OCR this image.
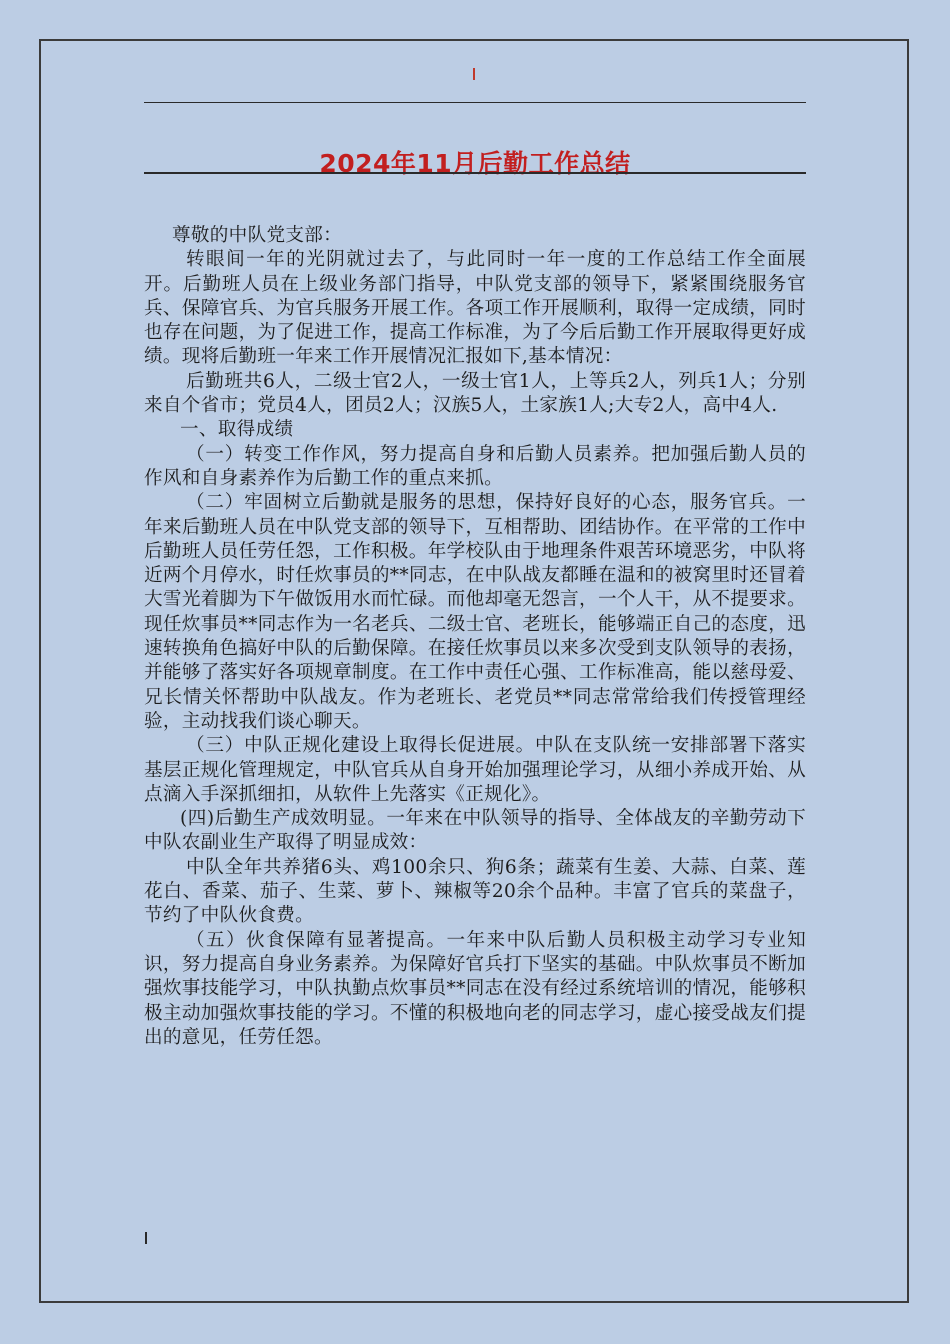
2024年11月后勤工作总结

尊敬的中队党支部：

转眼间一年的光阴就过去了，与此同时一年一度的工作总结工作全面展开。后勤班人员在上级业务部门指导，中队党支部的领导下，紧紧围绕服务官兵、保障官兵、为官兵服务开展工作。各项工作开展顺利，取得一定成绩，同时也存在问题，为了促进工作，提高工作标准，为了今后后勤工作开展取得更好成绩。现将后勤班一年来工作开展情况汇报如下,基本情况：

后勤班共6人，二级士官2人，一级士官1人，上等兵2人，列兵1人；分别来自个省市；党员4人，团员2人；汉族5人，土家族1人;大专2人，高中4人.

一、取得成绩

（一）转变工作作风，努力提高自身和后勤人员素养。把加强后勤人员的作风和自身素养作为后勤工作的重点来抓。

（二）牢固树立后勤就是服务的思想，保持好良好的心态，服务官兵。一年来后勤班人员在中队党支部的领导下，互相帮助、团结协作。在平常的工作中后勤班人员任劳任怨，工作积极。年学校队由于地理条件艰苦环境恶劣，中队将近两个月停水，时任炊事员的**同志，在中队战友都睡在温和的被窝里时还冒着大雪光着脚为下午做饭用水而忙碌。而他却毫无怨言，一个人干，从不提要求。现任炊事员**同志作为一名老兵、二级士官、老班长，能够端正自己的态度，迅速转换角色搞好中队的后勤保障。在接任炊事员以来多次受到支队领导的表扬，并能够了落实好各项规章制度。在工作中责任心强、工作标准高，能以慈母爱、兄长情关怀帮助中队战友。作为老班长、老党员**同志常常给我们传授管理经验，主动找我们谈心聊天。

（三）中队正规化建设上取得长促进展。中队在支队统一安排部署下落实基层正规化管理规定，中队官兵从自身开始加强理论学习，从细小养成开始、从点滴入手深抓细扣，从软件上先落实《正规化》。

(四)后勤生产成效明显。一年来在中队领导的指导、全体战友的辛勤劳动下中队农副业生产取得了明显成效：

中队全年共养猪6头、鸡100余只、狗6条；蔬菜有生姜、大蒜、白菜、莲花白、香菜、茄子、生菜、萝卜、辣椒等20余个品种。丰富了官兵的菜盘子，节约了中队伙食费。

（五）伙食保障有显著提高。一年来中队后勤人员积极主动学习专业知识，努力提高自身业务素养。为保障好官兵打下坚实的基础。中队炊事员不断加强炊事技能学习，中队执勤点炊事员**同志在没有经过系统培训的情况，能够积极主动加强炊事技能的学习。不懂的积极地向老的同志学习，虚心接受战友们提出的意见，任劳任怨。
